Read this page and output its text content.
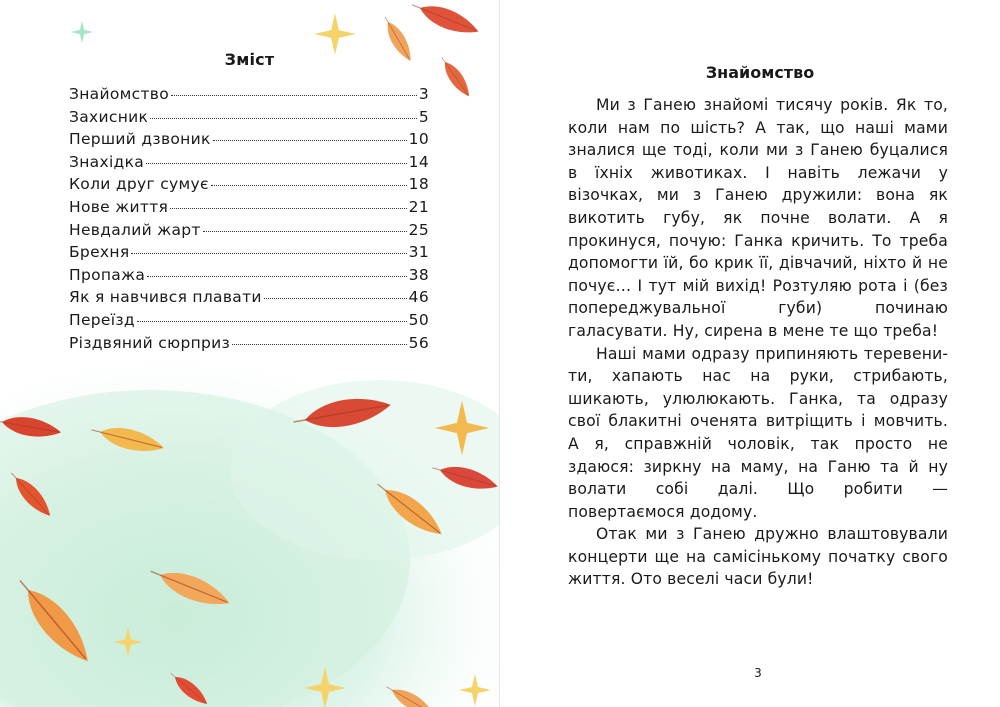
Зміст
Знайомство	3
Захисник	5
Перший дзвоник	10
Знахідка	14
Коли друг сумує	18
Нове життя	21
Невдалий жарт	25
Брехня	31
Пропажа	38
Як я навчився плавати	46
Переїзд	50
Різдвяний сюрприз	56
Знайомство

Ми з Ганею знайомі тисячу років. Як то, коли нам по шість? А так, що наші мами зналися ще тоді, коли ми з Ганею буцалися в їхніх животиках. І навіть лежачи у візочках, ми з Ганею дружили: вона як викотить губу, як почне волати. А я прокинуся, почую: Ганка кричить. То треба допомогти їй, бо крик її, дівчачий, ніхто й не почує… І тут мій вихід! Розтуляю рота і (без попереджувальної губи) починаю галасувати. Ну, сирена в мене те що треба!

Наші мами одразу припиняють теревенити, хапають нас на руки, стрибають, шикають, улюлюкають. Ганка, та одразу свої блакитні оченята витріщить і мовчить. А я, справжній чоловік, так просто не здаюся: зиркну на маму, на Ганю та й ну волати собі далі. Що робити — повертаємося додому.

Отак ми з Ганею дружно влаштовували концерти ще на самісінькому початку свого життя. Ото веселі часи були!

3
